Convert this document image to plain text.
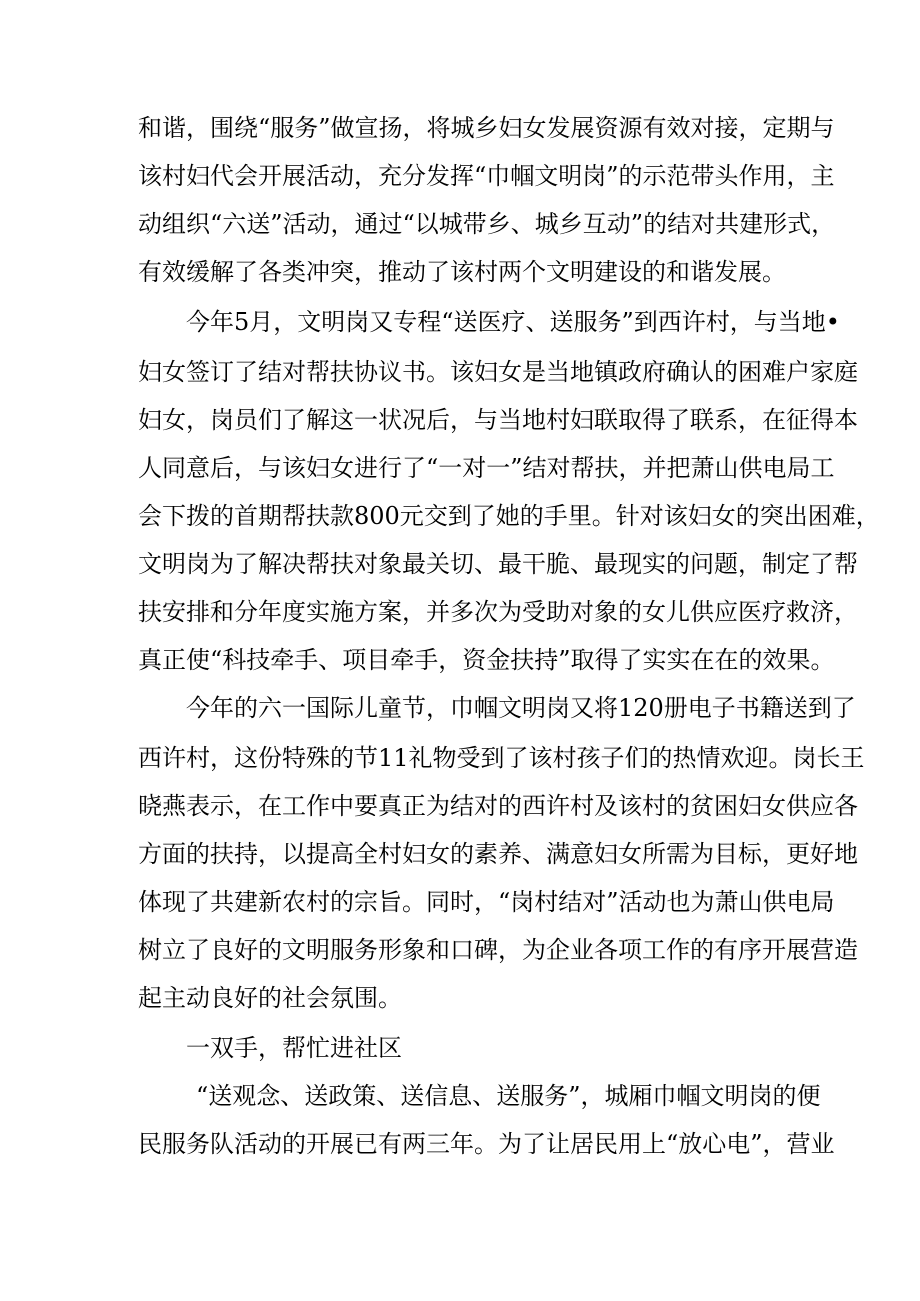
和谐，围绕“服务”做宣扬，将城乡妇女发展资源有效对接，定期与
该村妇代会开展活动，充分发挥“巾帼文明岗”的示范带头作用，主
动组织“六送”活动，通过“以城带乡、城乡互动”的结对共建形式，
有效缓解了各类冲突，推动了该村两个文明建设的和谐发展。
今年5月，文明岗又专程“送医疗、送服务”到西许村，与当地•
妇女签订了结对帮扶协议书。该妇女是当地镇政府确认的困难户家庭
妇女，岗员们了解这一状况后，与当地村妇联取得了联系，在征得本
人同意后，与该妇女进行了“一对一”结对帮扶，并把萧山供电局工
会下拨的首期帮扶款800元交到了她的手里。针对该妇女的突出困难，
文明岗为了解决帮扶对象最关切、最干脆、最现实的问题，制定了帮
扶安排和分年度实施方案，并多次为受助对象的女儿供应医疗救济，
真正使“科技牵手、项目牵手，资金扶持”取得了实实在在的效果。
今年的六一国际儿童节，巾帼文明岗又将120册电子书籍送到了
西许村，这份特殊的节11礼物受到了该村孩子们的热情欢迎。岗长王
晓燕表示，在工作中要真正为结对的西许村及该村的贫困妇女供应各
方面的扶持，以提高全村妇女的素养、满意妇女所需为目标，更好地
体现了共建新农村的宗旨。同时，“岗村结对”活动也为萧山供电局
树立了良好的文明服务形象和口碑，为企业各项工作的有序开展营造
起主动良好的社会氛围。
一双手，帮忙进社区
“送观念、送政策、送信息、送服务”，城厢巾帼文明岗的便
民服务队活动的开展已有两三年。为了让居民用上“放心电”，营业
